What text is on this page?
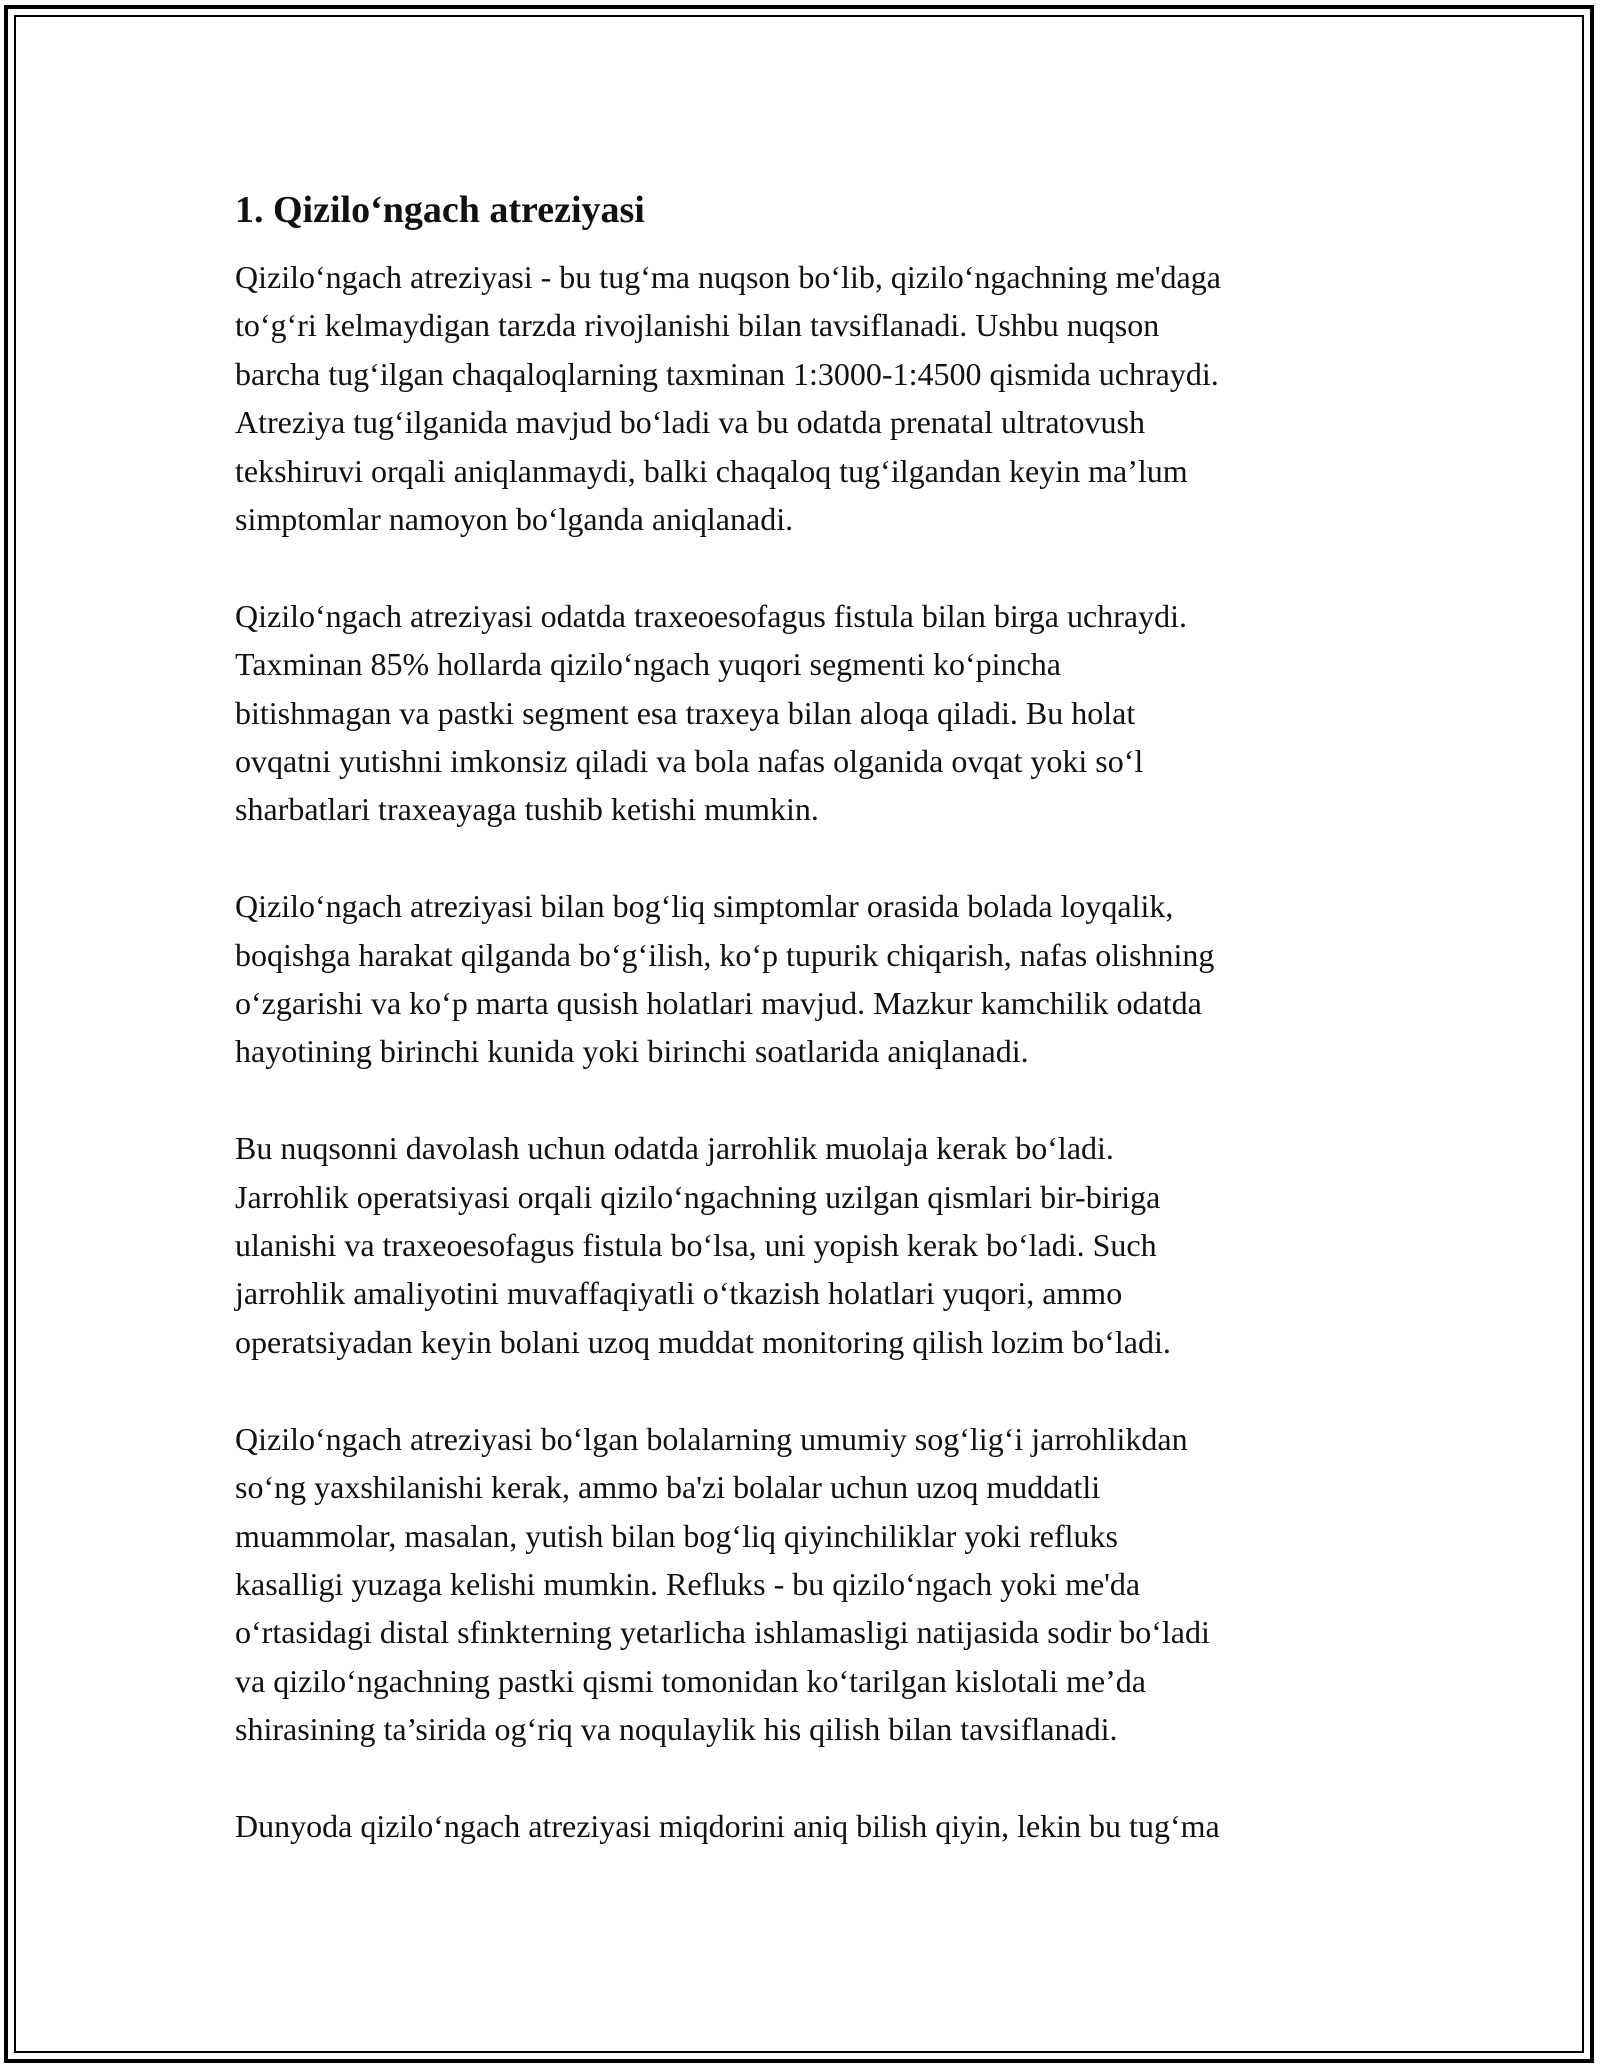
1. Qizilo‘ngach atreziyasi

Qizilo‘ngach atreziyasi - bu tug‘ma nuqson bo‘lib, qizilo‘ngachning me'daga
to‘g‘ri kelmaydigan tarzda rivojlanishi bilan tavsiflanadi. Ushbu nuqson
barcha tug‘ilgan chaqaloqlarning taxminan 1:3000-1:4500 qismida uchraydi.
Atreziya tug‘ilganida mavjud bo‘ladi va bu odatda prenatal ultratovush
tekshiruvi orqali aniqlanmaydi, balki chaqaloq tug‘ilgandan keyin ma’lum
simptomlar namoyon bo‘lganda aniqlanadi.

Qizilo‘ngach atreziyasi odatda traxeoesofagus fistula bilan birga uchraydi.
Taxminan 85% hollarda qizilo‘ngach yuqori segmenti ko‘pincha
bitishmagan va pastki segment esa traxeya bilan aloqa qiladi. Bu holat
ovqatni yutishni imkonsiz qiladi va bola nafas olganida ovqat yoki so‘l
sharbatlari traxeayaga tushib ketishi mumkin.

Qizilo‘ngach atreziyasi bilan bog‘liq simptomlar orasida bolada loyqalik,
boqishga harakat qilganda bo‘g‘ilish, ko‘p tupurik chiqarish, nafas olishning
o‘zgarishi va ko‘p marta qusish holatlari mavjud. Mazkur kamchilik odatda
hayotining birinchi kunida yoki birinchi soatlarida aniqlanadi.

Bu nuqsonni davolash uchun odatda jarrohlik muolaja kerak bo‘ladi.
Jarrohlik operatsiyasi orqali qizilo‘ngachning uzilgan qismlari bir-biriga
ulanishi va traxeoesofagus fistula bo‘lsa, uni yopish kerak bo‘ladi. Such
jarrohlik amaliyotini muvaffaqiyatli o‘tkazish holatlari yuqori, ammo
operatsiyadan keyin bolani uzoq muddat monitoring qilish lozim bo‘ladi.

Qizilo‘ngach atreziyasi bo‘lgan bolalarning umumiy sog‘lig‘i jarrohlikdan
so‘ng yaxshilanishi kerak, ammo ba'zi bolalar uchun uzoq muddatli
muammolar, masalan, yutish bilan bog‘liq qiyinchiliklar yoki refluks
kasalligi yuzaga kelishi mumkin. Refluks - bu qizilo‘ngach yoki me'da
o‘rtasidagi distal sfinkterning yetarlicha ishlamasligi natijasida sodir bo‘ladi
va qizilo‘ngachning pastki qismi tomonidan ko‘tarilgan kislotali me’da
shirasining ta’sirida og‘riq va noqulaylik his qilish bilan tavsiflanadi.

Dunyoda qizilo‘ngach atreziyasi miqdorini aniq bilish qiyin, lekin bu tug‘ma
